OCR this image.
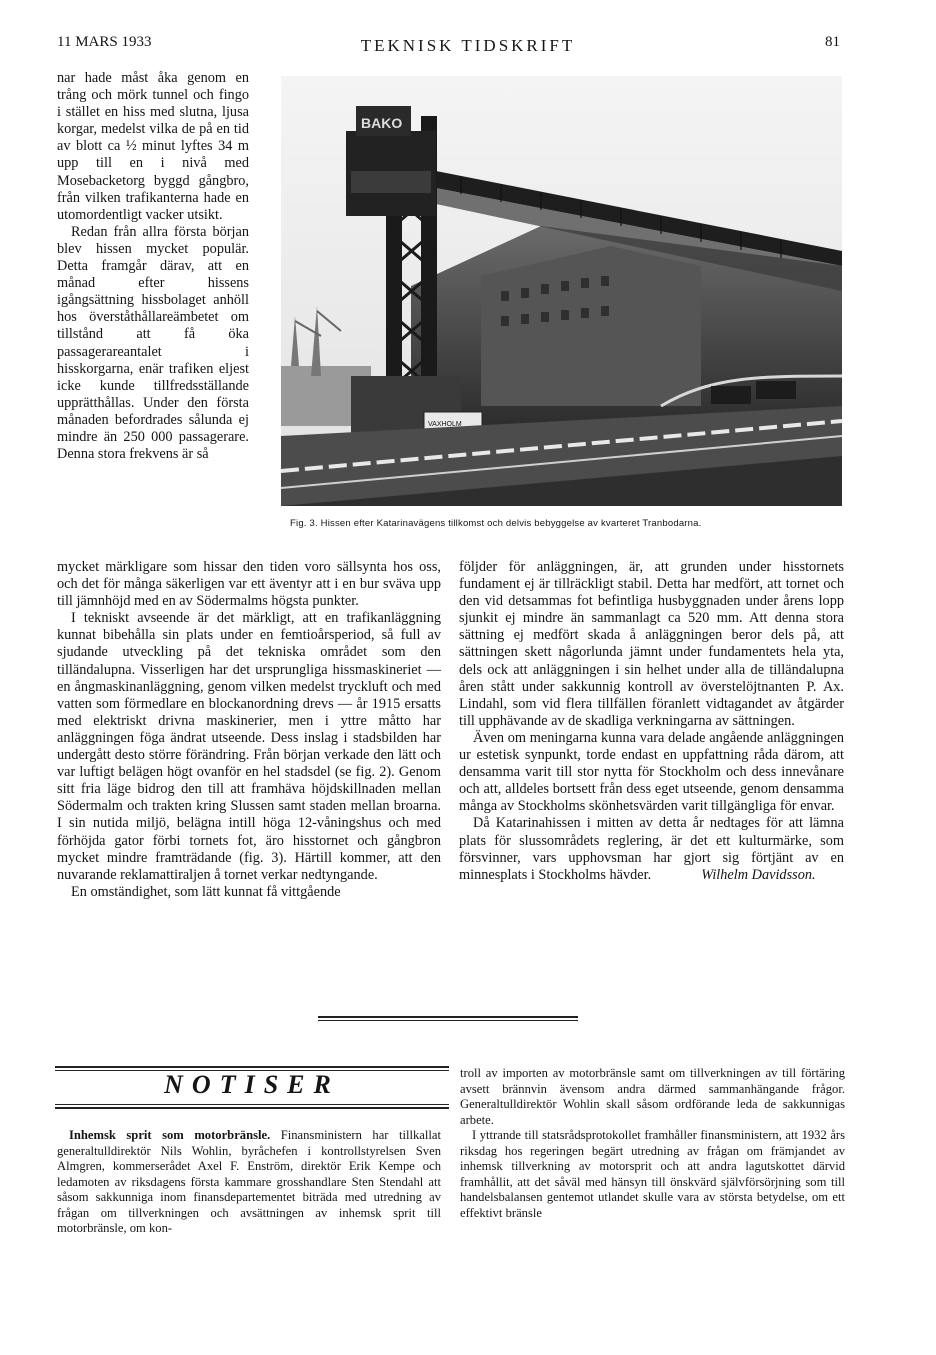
11 MARS 1933	TEKNISK TIDSKRIFT	81

nar hade måst åka genom en trång och mörk tunnel och fingo i stället en hiss med slutna, ljusa korgar, medelst vilka de på en tid av blott ca ½ minut lyftes 34 m upp till en i nivå med Mosebacketorg byggd gångbro, från vilken trafikanterna hade en utomordentligt vacker utsikt.

Redan från allra första början blev hissen mycket populär. Detta framgår därav, att en månad efter hissens igångsättning hissbolaget anhöll hos överståthållareämbetet om tillstånd att få öka passagerareantalet i hisskorgarna, enär trafiken eljest icke kunde tillfredsställande upprätthållas. Under den första månaden befordrades sålunda ej mindre än 250 000 passagerare. Denna stora frekvens är så

BAKO
VAXHOLM
Fig. 3. Hissen efter Katarinavägens tillkomst och delvis bebyggelse av kvarteret Tranbodarna.

mycket märkligare som hissar den tiden voro sällsynta hos oss, och det för många säkerligen var ett äventyr att i en bur sväva upp till jämnhöjd med en av Södermalms högsta punkter.

I tekniskt avseende är det märkligt, att en trafikanläggning kunnat bibehålla sin plats under en femtioårsperiod, så full av sjudande utveckling på det tekniska området som den tilländalupna. Visserligen har det ursprungliga hissmaskineriet — en ångmaskinanläggning, genom vilken medelst tryckluft och med vatten som förmedlare en blockanordning drevs — år 1915 ersatts med elektriskt drivna maskinerier, men i yttre måtto har anläggningen föga ändrat utseende. Dess inslag i stadsbilden har undergått desto större förändring. Från början verkade den lätt och var luftigt belägen högt ovanför en hel stadsdel (se fig. 2). Genom sitt fria läge bidrog den till att framhäva höjdskillnaden mellan Södermalm och trakten kring Slussen samt staden mellan broarna. I sin nutida miljö, belägna intill höga 12-våningshus och med förhöjda gator förbi tornets fot, äro hisstornet och gångbron mycket mindre framträdande (fig. 3). Härtill kommer, att den nuvarande reklamattiraljen å tornet verkar nedtyngande.

En omständighet, som lätt kunnat få vittgående

följder för anläggningen, är, att grunden under hisstornets fundament ej är tillräckligt stabil. Detta har medfört, att tornet och den vid detsammas fot befintliga husbyggnaden under årens lopp sjunkit ej mindre än sammanlagt ca 520 mm. Att denna stora sättning ej medfört skada å anläggningen beror dels på, att sättningen skett någorlunda jämnt under fundamentets hela yta, dels ock att anläggningen i sin helhet under alla de tilländalupna åren stått under sakkunnig kontroll av överstelöjtnanten P. Ax. Lindahl, som vid flera tillfällen föranlett vidtagandet av åtgärder till upphävande av de skadliga verkningarna av sättningen.

Även om meningarna kunna vara delade angående anläggningen ur estetisk synpunkt, torde endast en uppfattning råda därom, att densamma varit till stor nytta för Stockholm och dess innevånare och att, alldeles bortsett från dess eget utseende, genom densamma många av Stockholms skönhetsvärden varit tillgängliga för envar.

Då Katarinahissen i mitten av detta år nedtages för att lämna plats för slussområdets reglering, är det ett kulturmärke, som försvinner, vars upphovsman har gjort sig förtjänt av en minnesplats i Stockholms hävder.	Wilhelm Davidsson.

NOTISER

Inhemsk sprit som motorbränsle. Finansministern har tillkallat generaltulldirektör Nils Wohlin, byråchefen i kontrollstyrelsen Sven Almgren, kommerserådet Axel F. Enström, direktör Erik Kempe och ledamoten av riksdagens första kammare grosshandlare Sten Stendahl att såsom sakkunniga inom finansdepartementet biträda med utredning av frågan om tillverkningen och avsättningen av inhemsk sprit till motorbränsle, om kon-

troll av importen av motorbränsle samt om tillverkningen av till förtäring avsett brännvin ävensom andra därmed sammanhängande frågor. Generaltulldirektör Wohlin skall såsom ordförande leda de sakkunnigas arbete.

I yttrande till statsrådsprotokollet framhåller finansministern, att 1932 års riksdag hos regeringen begärt utredning av frågan om främjandet av inhemsk tillverkning av motorsprit och att andra lagutskottet därvid framhållit, att det såväl med hänsyn till önskvärd självförsörjning som till handelsbalansen gentemot utlandet skulle vara av största betydelse, om ett effektivt bränsle
